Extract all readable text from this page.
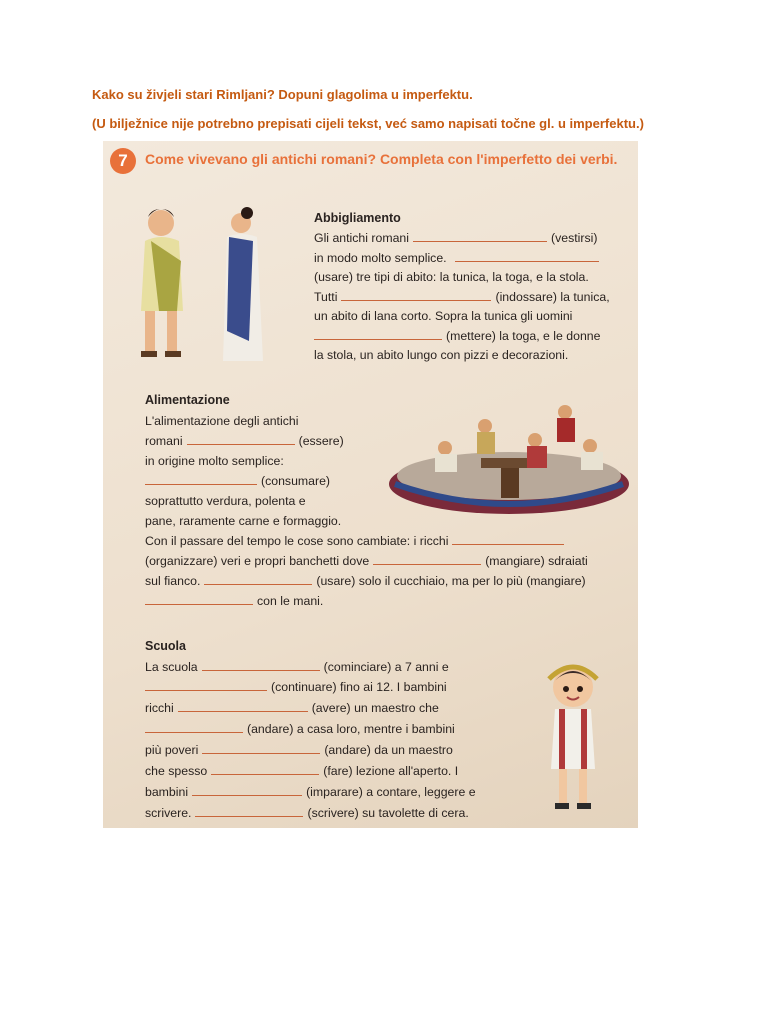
Kako su živjeli stari Rimljani? Dopuni glagolima u imperfektu.
(U bilježnice nije potrebno prepisati cijeli tekst, već samo napisati točne gl. u imperfektu.)
7	Come vivevano gli antichi romani? Completa con l'imperfetto dei verbi.
Abbigliamento
Gli antichi romani	(vestirsi)
in modo molto semplice.
(usare) tre tipi di abito: la tunica, la toga, e la stola.
Tutti	(indossare) la tunica,
un abito di lana corto. Sopra la tunica gli uomini
(mettere) la toga, e le donne
la stola, un abito lungo con pizzi e decorazioni.
Alimentazione
L'alimentazione degli antichi
romani	(essere)
in origine molto semplice:
(consumare)
soprattutto verdura, polenta e
pane, raramente carne e formaggio.
Con il passare del tempo le cose sono cambiate: i ricchi
(organizzare) veri e propri banchetti dove	(mangiare) sdraiati
sul fianco.	(usare) solo il cucchiaio, ma per lo più (mangiare)
con le mani.
Scuola
La scuola	(cominciare) a 7 anni e
(continuare) fino ai 12. I bambini
ricchi	(avere) un maestro che
(andare) a casa loro, mentre i bambini
più poveri	(andare) da un maestro
che spesso	(fare) lezione all'aperto. I
bambini	(imparare) a contare, leggere e
scrivere.	(scrivere) su tavolette di cera.
